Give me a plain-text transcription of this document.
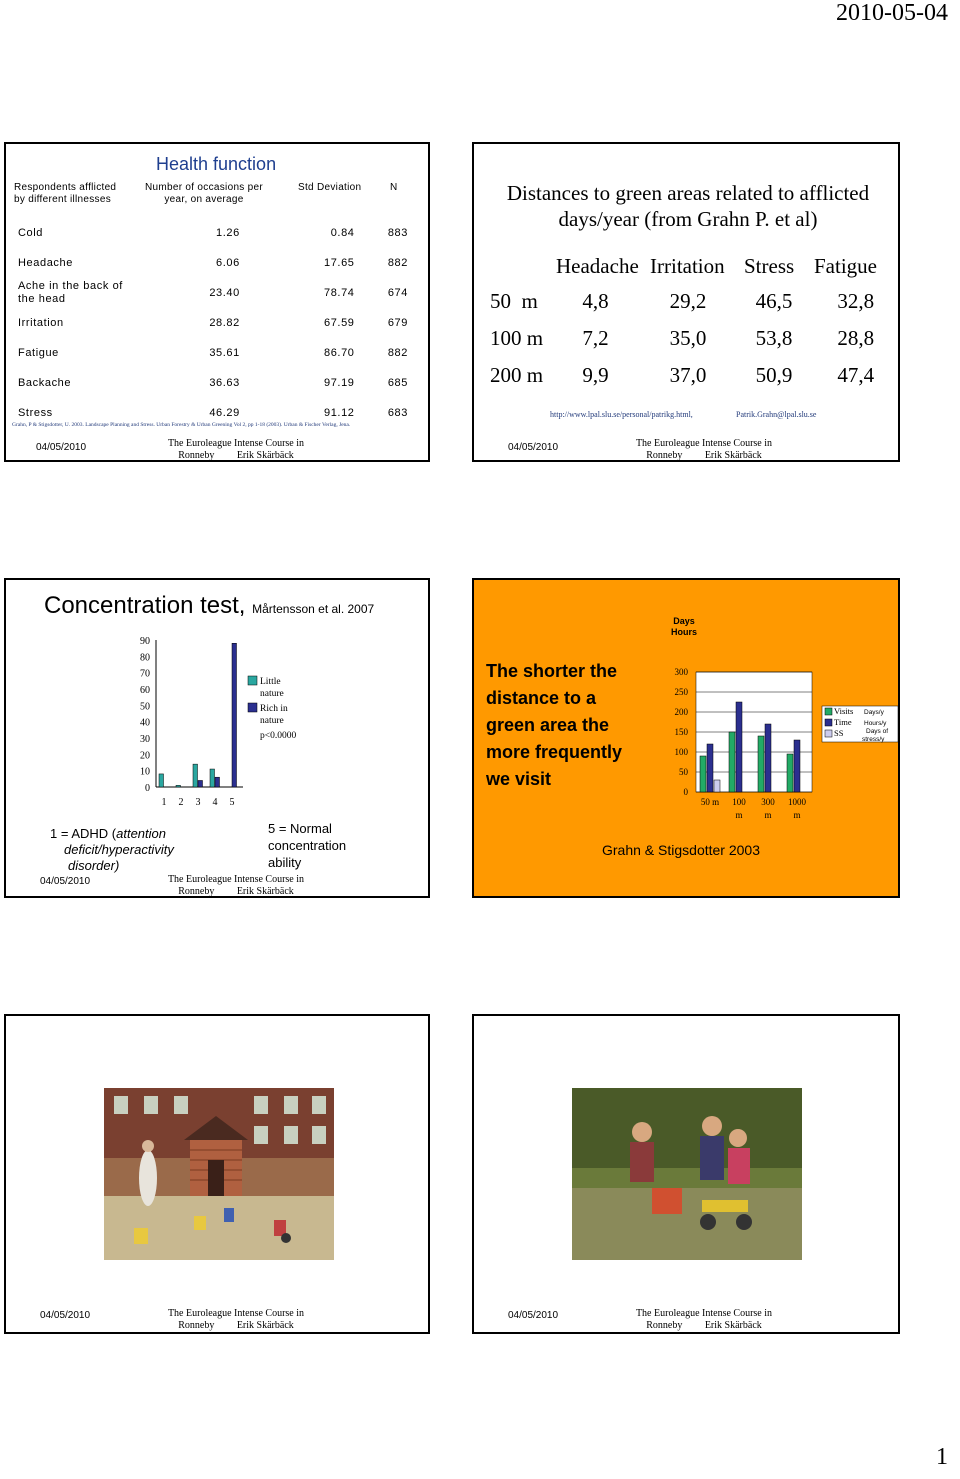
2010-05-04
Health function
Respondents afflicted
by different illnesses
Number of occasions per
year, on average
Std Deviation	N
Cold	1.26	0.84	883
Headache	6.06	17.65	882
Ache in the back of the head	23.40	78.74	674
Irritation	28.82	67.59	679
Fatigue	35.61	86.70	882
Backache	36.63	97.19	685
Stress	46.29	91.12	683
Grahn, P & Stigsdotter, U. 2003. Landscape Planning and Stress. Urban Forestry & Urban Greening Vol 2, pp 1-18 (2003). Urban & Fischer Verlag, Jena.
04/05/2010	The Euroleague Intense Course in
Ronneby Erik Skärbäck
Distances to green areas related to afflicted
days/year (from Grahn P. et al)
Headache Irritation Stress Fatigue
50  m	4,8	29,2	46,5	32,8
100 m	7,2	35,0	53,8	28,8
200 m	9,9	37,0	50,9	47,4
http://www.lpal.slu.se/personal/patrikg.html,	Patrik.Grahn@lpal.slu.se
04/05/2010	The Euroleague Intense Course in
Ronneby Erik Skärbäck
Concentration test, Mårtensson et al. 2007
90
80
70
60
50
40
30
20
10
0
1 2 3 4 5
Little nature
Rich in nature
p<0.0000
1 = ADHD (attention
deficit/hyperactivity
disorder)
5 = Normal
concentration
ability
04/05/2010	The Euroleague Intense Course in
Ronneby Erik Skärbäck
The shorter the
distance to a
green area the
more frequently
we visit
Days Hours
300
250
200
150
100
50
0
50 m 100 m
300 m
1000 m
Visits Days/y
Time Hours/y
SS	Days of stress/y
Grahn & Stigsdotter 2003
04/05/2010	The Euroleague Intense Course in
Ronneby Erik Skärbäck
04/05/2010	The Euroleague Intense Course in
Ronneby Erik Skärbäck
1
